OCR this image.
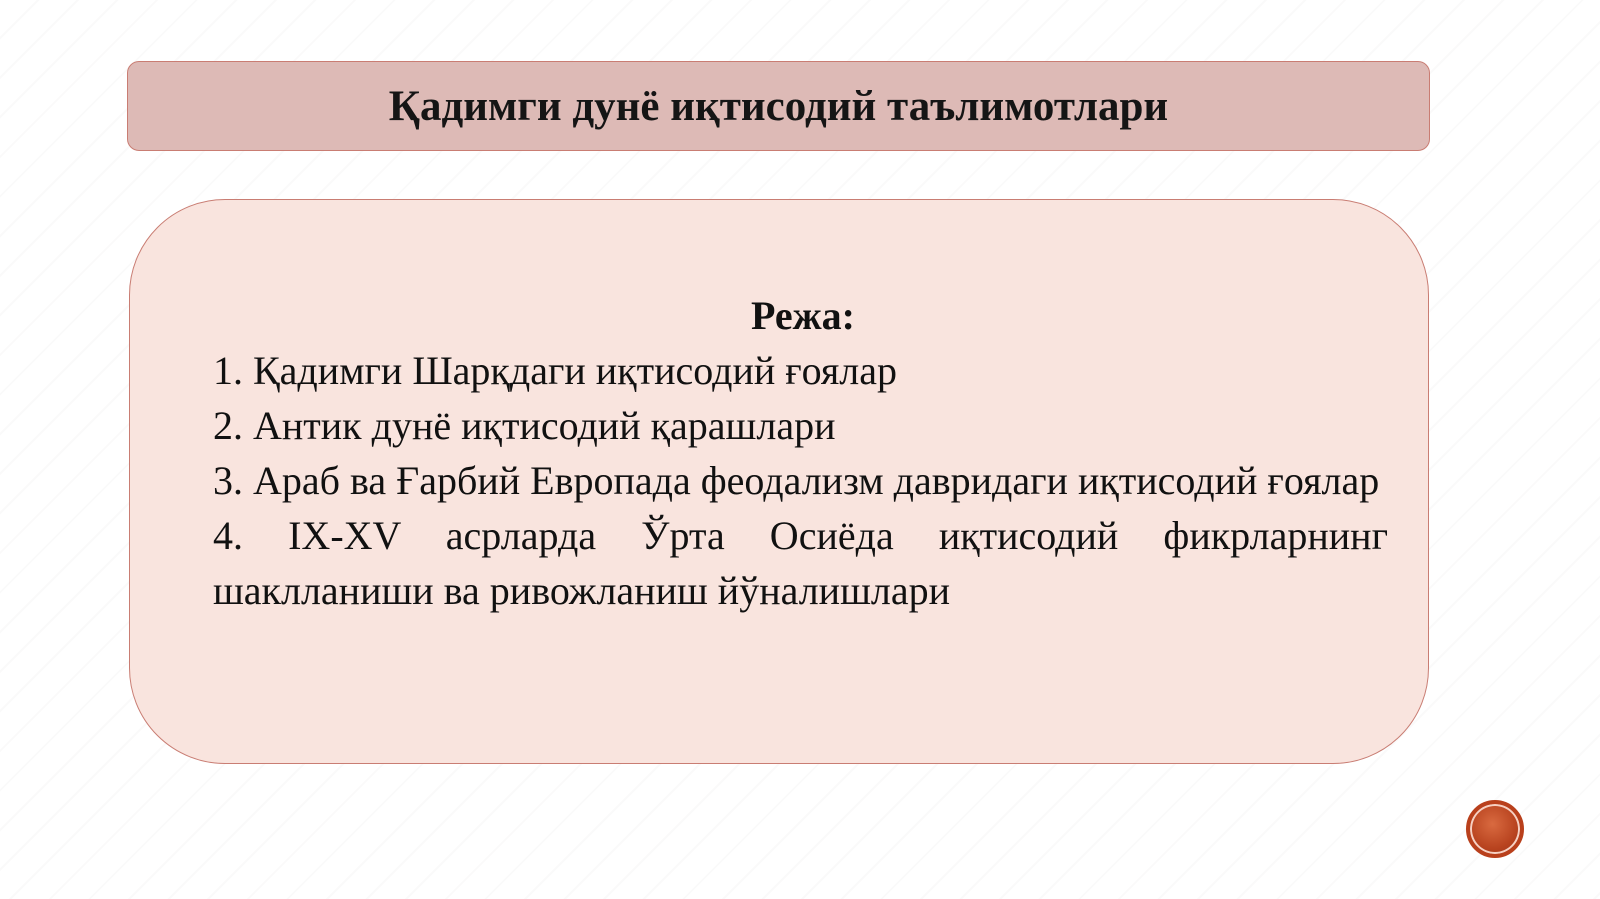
Қадимги дунё иқтисодий таълимотлари
Режа:
1. Қадимги Шарқдаги иқтисодий ғоялар
2. Антик дунё иқтисодий қарашлари
3. Араб ва Ғарбий Европада феодализм давридаги иқтисодий ғоялар
4. IX-XV асрларда Ўрта Осиёда иқтисодий фикрларнинг шаклланиши ва ривожланиш йўналишлари
